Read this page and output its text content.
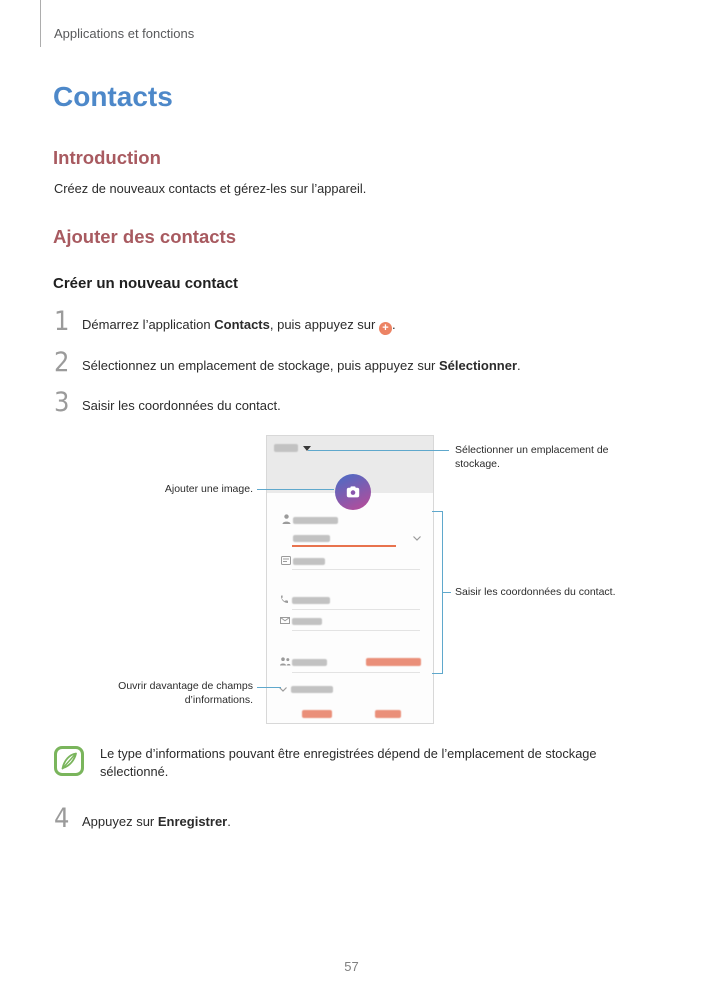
Applications et fonctions
Contacts
Introduction

Créez de nouveaux contacts et gérez-les sur l’appareil.

Ajouter des contacts
Créer un nouveau contact
1 Démarrez l’application Contacts, puis appuyez sur + .
2 Sélectionnez un emplacement de stockage, puis appuyez sur Sélectionner.
3 Saisir les coordonnées du contact.
Sélectionner un emplacement de stockage.
Ajouter une image.
Saisir les coordonnées du contact.
Ouvrir davantage de champs
d’informations.

Le type d’informations pouvant être enregistrées dépend de l’emplacement de stockage sélectionné.

4 Appuyez sur Enregistrer.
57
